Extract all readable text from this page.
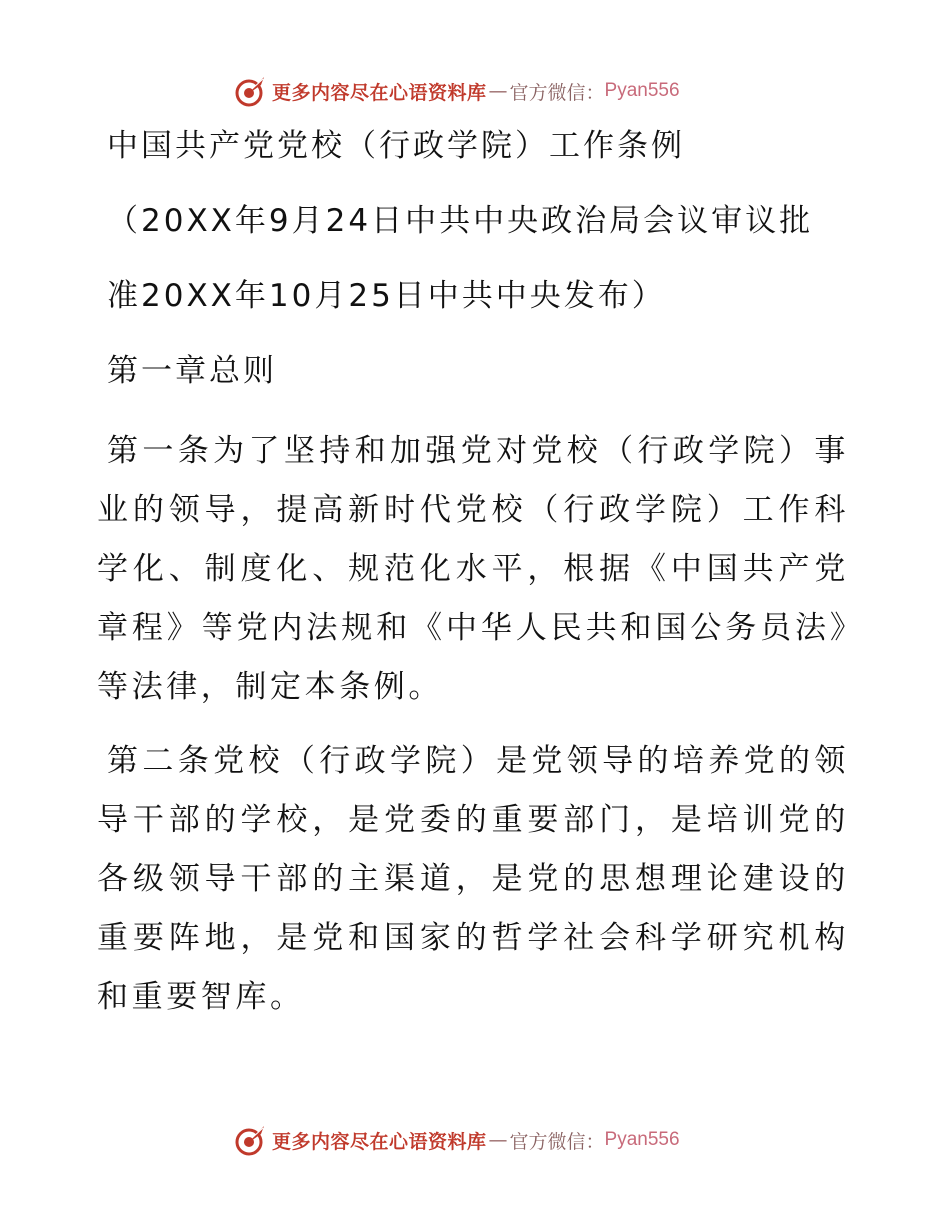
更多内容尽在心语资料库 — 官方微信： Pyan556

中国共产党党校（行政学院）工作条例

（20XX年9月24日中共中央政治局会议审议批

准20XX年10月25日中共中央发布）

第一章总则

第一条为了坚持和加强党对党校（行政学院）事业的领导，提高新时代党校（行政学院）工作科学化、制度化、规范化水平，根据《中国共产党章程》等党内法规和《中华人民共和国公务员法》等法律，制定本条例。

第二条党校（行政学院）是党领导的培养党的领导干部的学校，是党委的重要部门，是培训党的各级领导干部的主渠道，是党的思想理论建设的重要阵地，是党和国家的哲学社会科学研究机构和重要智库。

更多内容尽在心语资料库 — 官方微信： Pyan556
